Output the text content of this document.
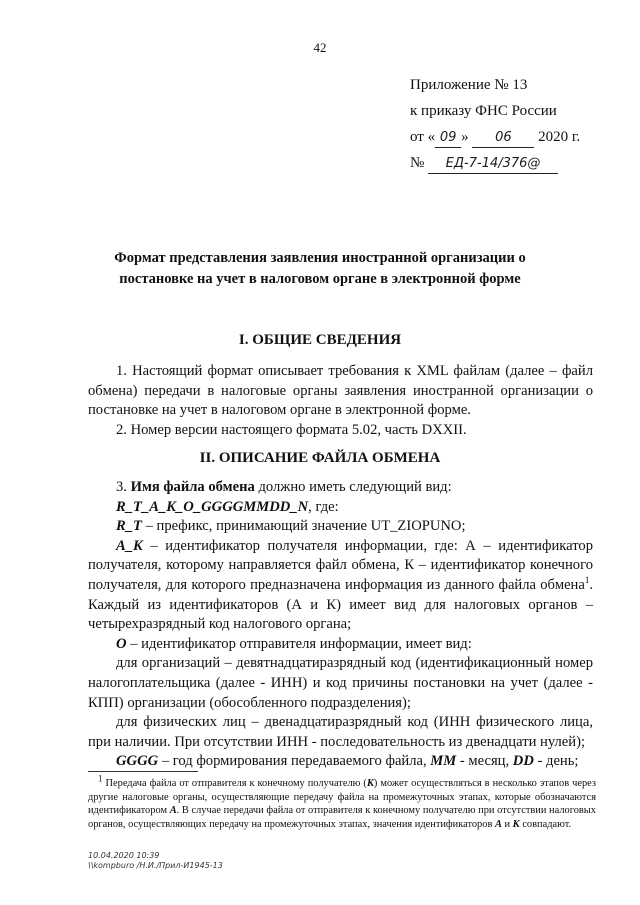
42
Приложение № 13
к приказу ФНС России
от « 09 » 06 2020 г.
№ ЕД-7-14/376@
Формат представления заявления иностранной организации о постановке на учет в налоговом органе в электронной форме
I. ОБЩИЕ СВЕДЕНИЯ

1. Настоящий формат описывает требования к XML файлам (далее – файл обмена) передачи в налоговые органы заявления иностранной организации о постановке на учет в налоговом органе в электронной форме.

2. Номер версии настоящего формата 5.02, часть DXXII.

II. ОПИСАНИЕ ФАЙЛА ОБМЕНА

3. Имя файла обмена должно иметь следующий вид:

R_T_A_K_O_GGGGMMDD_N, где:

R_T – префикс, принимающий значение UT_ZIOPUNO;

A_K – идентификатор получателя информации, где: А – идентификатор получателя, которому направляется файл обмена, К – идентификатор конечного получателя, для которого предназначена информация из данного файла обмена$^1$. Каждый из идентификаторов (А и К) имеет вид для налоговых органов – четырехразрядный код налогового органа;

O – идентификатор отправителя информации, имеет вид:

для организаций – девятнадцатиразрядный код (идентификационный номер налогоплательщика (далее - ИНН) и код причины постановки на учет (далее - КПП) организации (обособленного подразделения);

для физических лиц – двенадцатиразрядный код (ИНН физического лица, при наличии. При отсутствии ИНН - последовательность из двенадцати нулей);

GGGG – год формирования передаваемого файла, MM - месяц, DD - день;

$^1$ Передача файла от отправителя к конечному получателю (К) может осуществляться в несколько этапов через другие налоговые органы, осуществляющие передачу файла на промежуточных этапах, которые обозначаются идентификатором А. В случае передачи файла от отправителя к конечному получателю при отсутствии налоговых органов, осуществляющих передачу на промежуточных этапах, значения идентификаторов А и К совпадают.

10.04.2020 10:39
\\kompburo /Н.И./Прил-И1945-13
